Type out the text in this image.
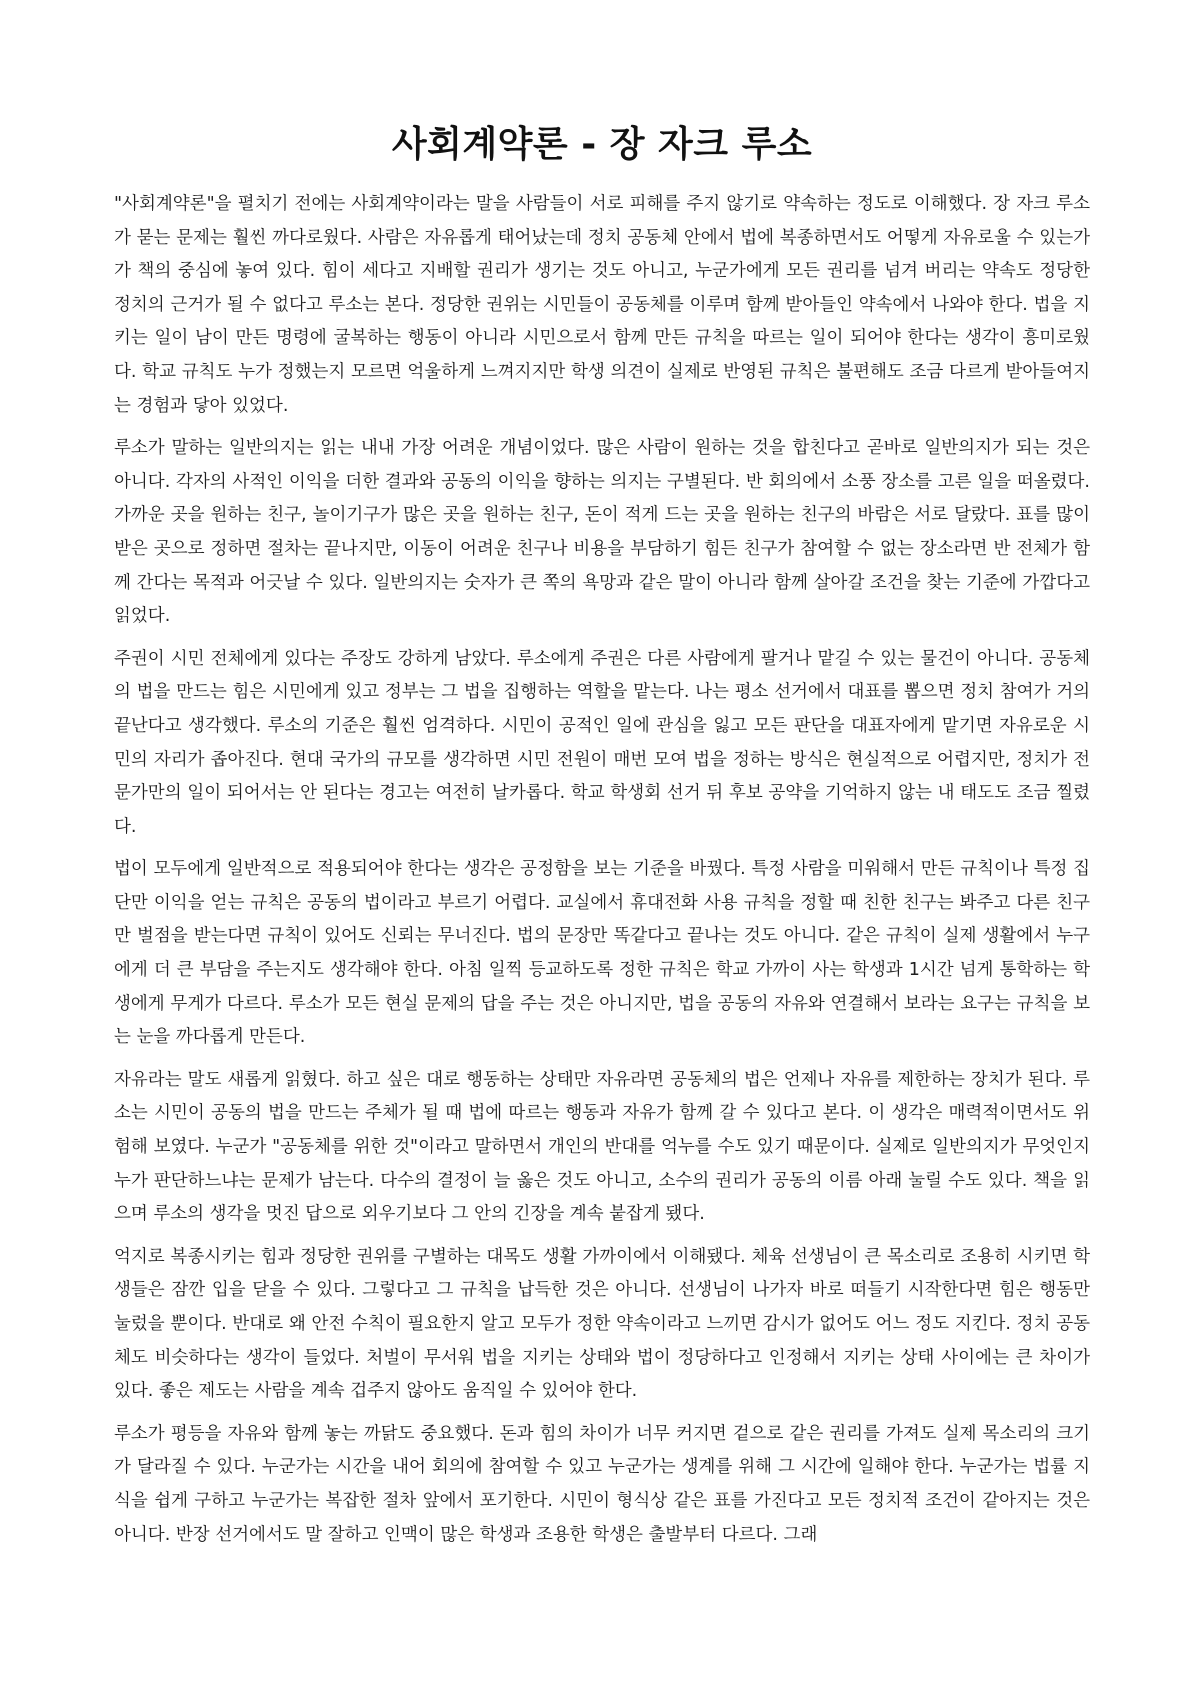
사회계약론 - 장 자크 루소

"사회계약론"을 펼치기 전에는 사회계약이라는 말을 사람들이 서로 피해를 주지 않기로 약속하는 정도로 이해했다. 장 자크 루소가 묻는 문제는 훨씬 까다로웠다. 사람은 자유롭게 태어났는데 정치 공동체 안에서 법에 복종하면서도 어떻게 자유로울 수 있는가가 책의 중심에 놓여 있다. 힘이 세다고 지배할 권리가 생기는 것도 아니고, 누군가에게 모든 권리를 넘겨 버리는 약속도 정당한 정치의 근거가 될 수 없다고 루소는 본다. 정당한 권위는 시민들이 공동체를 이루며 함께 받아들인 약속에서 나와야 한다. 법을 지키는 일이 남이 만든 명령에 굴복하는 행동이 아니라 시민으로서 함께 만든 규칙을 따르는 일이 되어야 한다는 생각이 흥미로웠다. 학교 규칙도 누가 정했는지 모르면 억울하게 느껴지지만 학생 의견이 실제로 반영된 규칙은 불편해도 조금 다르게 받아들여지는 경험과 닿아 있었다.

루소가 말하는 일반의지는 읽는 내내 가장 어려운 개념이었다. 많은 사람이 원하는 것을 합친다고 곧바로 일반의지가 되는 것은 아니다. 각자의 사적인 이익을 더한 결과와 공동의 이익을 향하는 의지는 구별된다. 반 회의에서 소풍 장소를 고른 일을 떠올렸다. 가까운 곳을 원하는 친구, 놀이기구가 많은 곳을 원하는 친구, 돈이 적게 드는 곳을 원하는 친구의 바람은 서로 달랐다. 표를 많이 받은 곳으로 정하면 절차는 끝나지만, 이동이 어려운 친구나 비용을 부담하기 힘든 친구가 참여할 수 없는 장소라면 반 전체가 함께 간다는 목적과 어긋날 수 있다. 일반의지는 숫자가 큰 쪽의 욕망과 같은 말이 아니라 함께 살아갈 조건을 찾는 기준에 가깝다고 읽었다.

주권이 시민 전체에게 있다는 주장도 강하게 남았다. 루소에게 주권은 다른 사람에게 팔거나 맡길 수 있는 물건이 아니다. 공동체의 법을 만드는 힘은 시민에게 있고 정부는 그 법을 집행하는 역할을 맡는다. 나는 평소 선거에서 대표를 뽑으면 정치 참여가 거의 끝난다고 생각했다. 루소의 기준은 훨씬 엄격하다. 시민이 공적인 일에 관심을 잃고 모든 판단을 대표자에게 맡기면 자유로운 시민의 자리가 좁아진다. 현대 국가의 규모를 생각하면 시민 전원이 매번 모여 법을 정하는 방식은 현실적으로 어렵지만, 정치가 전문가만의 일이 되어서는 안 된다는 경고는 여전히 날카롭다. 학교 학생회 선거 뒤 후보 공약을 기억하지 않는 내 태도도 조금 찔렸다.

법이 모두에게 일반적으로 적용되어야 한다는 생각은 공정함을 보는 기준을 바꿨다. 특정 사람을 미워해서 만든 규칙이나 특정 집단만 이익을 얻는 규칙은 공동의 법이라고 부르기 어렵다. 교실에서 휴대전화 사용 규칙을 정할 때 친한 친구는 봐주고 다른 친구만 벌점을 받는다면 규칙이 있어도 신뢰는 무너진다. 법의 문장만 똑같다고 끝나는 것도 아니다. 같은 규칙이 실제 생활에서 누구에게 더 큰 부담을 주는지도 생각해야 한다. 아침 일찍 등교하도록 정한 규칙은 학교 가까이 사는 학생과 1시간 넘게 통학하는 학생에게 무게가 다르다. 루소가 모든 현실 문제의 답을 주는 것은 아니지만, 법을 공동의 자유와 연결해서 보라는 요구는 규칙을 보는 눈을 까다롭게 만든다.

자유라는 말도 새롭게 읽혔다. 하고 싶은 대로 행동하는 상태만 자유라면 공동체의 법은 언제나 자유를 제한하는 장치가 된다. 루소는 시민이 공동의 법을 만드는 주체가 될 때 법에 따르는 행동과 자유가 함께 갈 수 있다고 본다. 이 생각은 매력적이면서도 위험해 보였다. 누군가 "공동체를 위한 것"이라고 말하면서 개인의 반대를 억누를 수도 있기 때문이다. 실제로 일반의지가 무엇인지 누가 판단하느냐는 문제가 남는다. 다수의 결정이 늘 옳은 것도 아니고, 소수의 권리가 공동의 이름 아래 눌릴 수도 있다. 책을 읽으며 루소의 생각을 멋진 답으로 외우기보다 그 안의 긴장을 계속 붙잡게 됐다.

억지로 복종시키는 힘과 정당한 권위를 구별하는 대목도 생활 가까이에서 이해됐다. 체육 선생님이 큰 목소리로 조용히 시키면 학생들은 잠깐 입을 닫을 수 있다. 그렇다고 그 규칙을 납득한 것은 아니다. 선생님이 나가자 바로 떠들기 시작한다면 힘은 행동만 눌렀을 뿐이다. 반대로 왜 안전 수칙이 필요한지 알고 모두가 정한 약속이라고 느끼면 감시가 없어도 어느 정도 지킨다. 정치 공동체도 비슷하다는 생각이 들었다. 처벌이 무서워 법을 지키는 상태와 법이 정당하다고 인정해서 지키는 상태 사이에는 큰 차이가 있다. 좋은 제도는 사람을 계속 겁주지 않아도 움직일 수 있어야 한다.

루소가 평등을 자유와 함께 놓는 까닭도 중요했다. 돈과 힘의 차이가 너무 커지면 겉으로 같은 권리를 가져도 실제 목소리의 크기가 달라질 수 있다. 누군가는 시간을 내어 회의에 참여할 수 있고 누군가는 생계를 위해 그 시간에 일해야 한다. 누군가는 법률 지식을 쉽게 구하고 누군가는 복잡한 절차 앞에서 포기한다. 시민이 형식상 같은 표를 가진다고 모든 정치적 조건이 같아지는 것은 아니다. 반장 선거에서도 말 잘하고 인맥이 많은 학생과 조용한 학생은 출발부터 다르다. 그래
